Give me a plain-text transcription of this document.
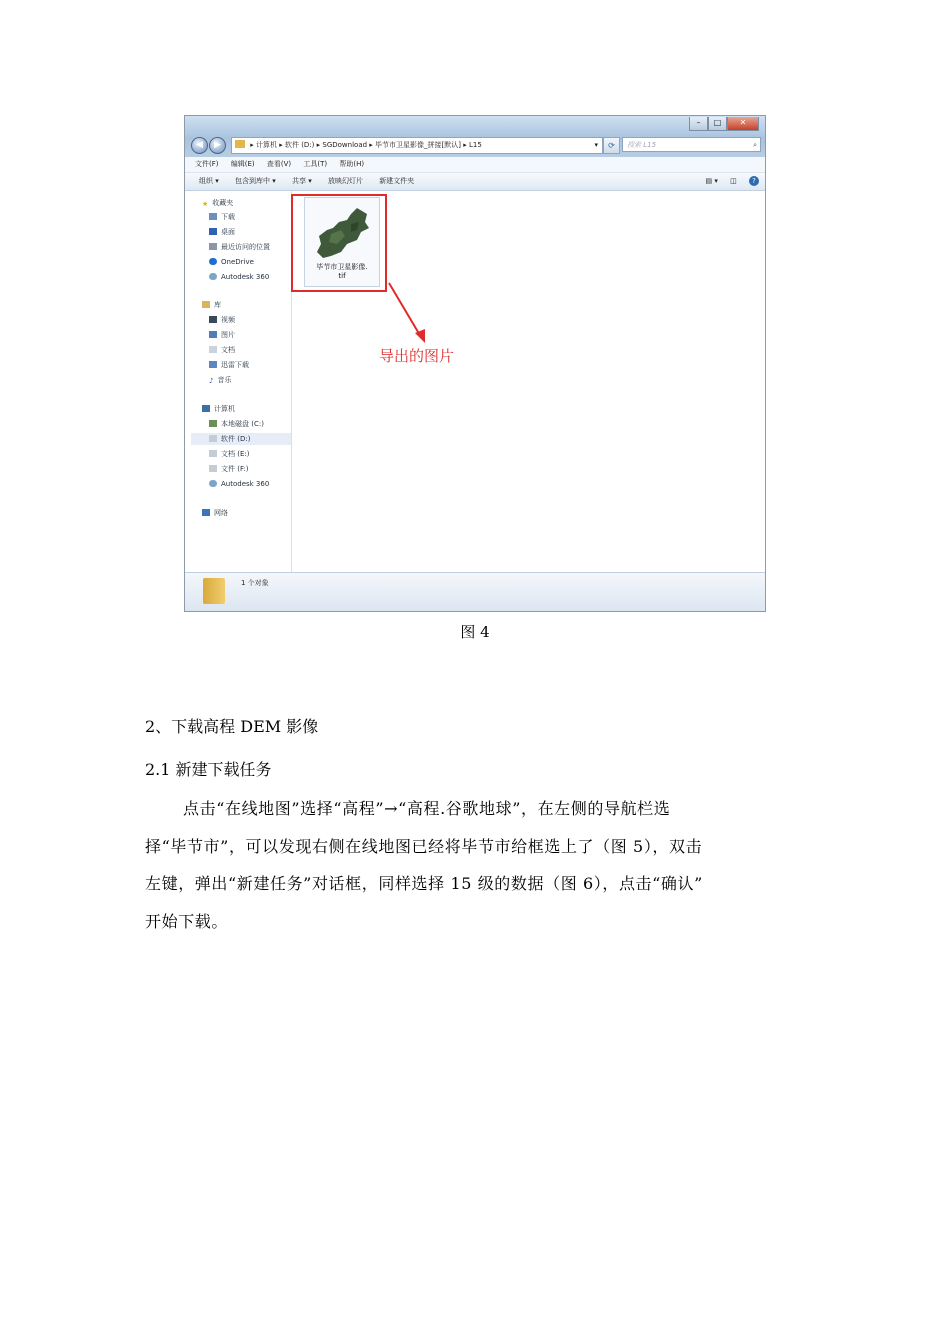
–	□	✕
◀	▶	▸ 计算机 ▸ 软件 (D:) ▸ SGDownload ▸ 毕节市卫星影像_拼接[默认] ▸ L15	▾	⟳	搜索 L15	⌕
文件(F) 编辑(E) 查看(V) 工具(T) 帮助(H)
组织 ▾ 包含到库中 ▾ 共享 ▾ 放映幻灯片 新建文件夹	▤ ▾ ◫ ?
★ 收藏夹
下载
桌面
最近访问的位置
OneDrive
Autodesk 360
库
视频
图片
文档
迅雷下载
♪ 音乐
计算机
本地磁盘 (C:)
软件 (D:)
文档 (E:)
文件 (F:)
Autodesk 360
网络
毕节市卫星影像.
tif
导出的图片
1 个对象
图 4
2、下载高程 DEM 影像
2.1 新建下载任务
点击“在线地图”选择“高程”→“高程.谷歌地球”，在左侧的导航栏选
择“毕节市”，可以发现右侧在线地图已经将毕节市给框选上了（图 5），双击
左键，弹出“新建任务”对话框，同样选择 15 级的数据（图 6），点击“确认”
开始下载。
